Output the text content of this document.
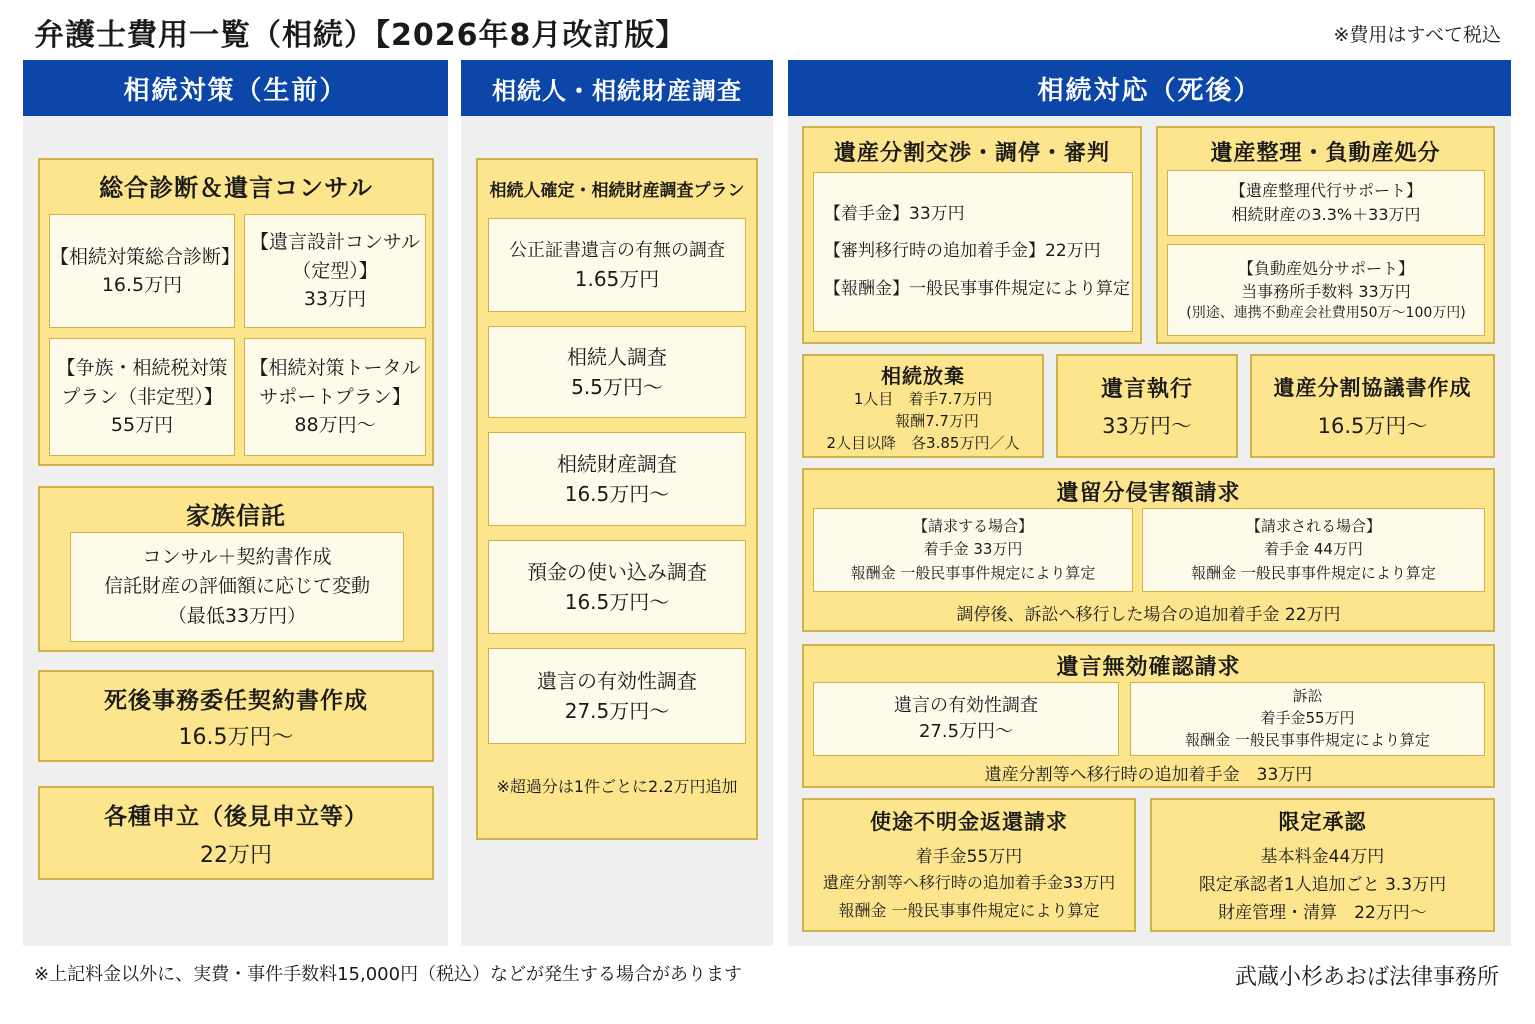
弁護士費用一覧（相続）【2026年8月改訂版】	※費用はすべて税込
相続対策（生前）
総合診断＆遺言コンサル
【相続対策総合診断】
16.5万円
【遺言設計コンサル
（定型）】
33万円
【争族・相続税対策
プラン（非定型）】
55万円
【相続対策トータル
サポートプラン】
88万円～
家族信託
コンサル＋契約書作成
信託財産の評価額に応じて変動
（最低33万円）
死後事務委任契約書作成
16.5万円～
各種申立（後見申立等）
22万円
相続人・相続財産調査
相続人確定・相続財産調査プラン
公正証書遺言の有無の調査
1.65万円
相続人調査
5.5万円～
相続財産調査
16.5万円～
預金の使い込み調査
16.5万円～
遺言の有効性調査
27.5万円～
※超過分は1件ごとに2.2万円追加
相続対応（死後）
遺産分割交渉・調停・審判
【着手金】33万円
【審判移行時の追加着手金】22万円
【報酬金】一般民事事件規定により算定
遺産整理・負動産処分
【遺産整理代行サポート】
相続財産の3.3%＋33万円
【負動産処分サポート】
当事務所手数料 33万円
(別途、連携不動産会社費用50万～100万円)
相続放棄
1人目　着手7.7万円
報酬7.7万円
2人目以降　各3.85万円／人
遺言執行
33万円～
遺産分割協議書作成
16.5万円～
遺留分侵害額請求
【請求する場合】
着手金 33万円
報酬金 一般民事事件規定により算定
【請求される場合】
着手金 44万円
報酬金 一般民事事件規定により算定
調停後、訴訟へ移行した場合の追加着手金 22万円
遺言無効確認請求
遺言の有効性調査
27.5万円～
訴訟
着手金55万円
報酬金 一般民事事件規定により算定
遺産分割等へ移行時の追加着手金　33万円
使途不明金返還請求
着手金55万円
遺産分割等へ移行時の追加着手金33万円
報酬金 一般民事事件規定により算定
限定承認
基本料金44万円
限定承認者1人追加ごと 3.3万円
財産管理・清算　22万円～
※上記料金以外に、実費・事件手数料15,000円（税込）などが発生する場合があります	武蔵小杉あおば法律事務所
